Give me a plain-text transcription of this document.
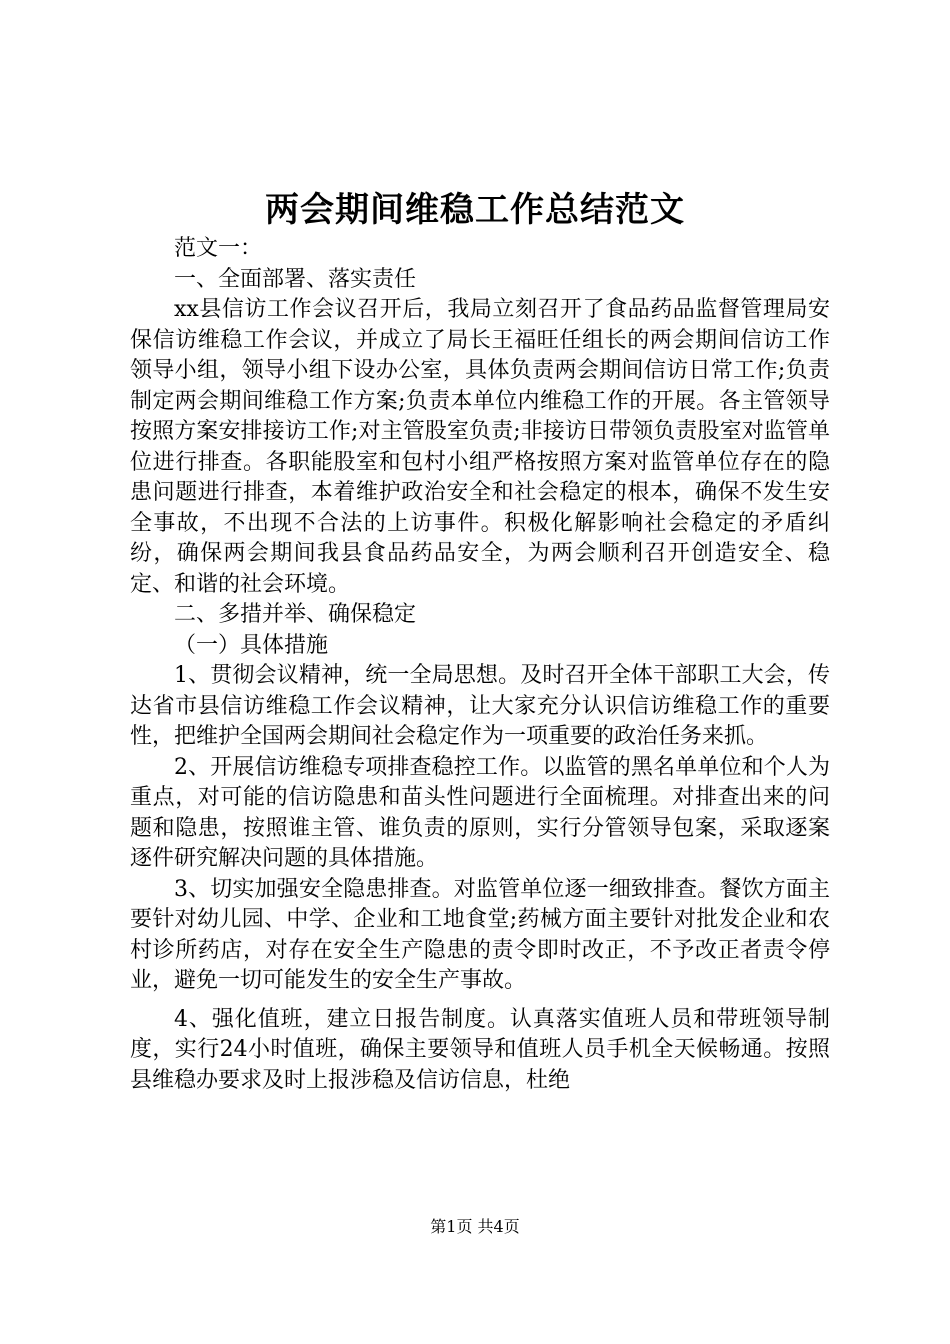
两会期间维稳工作总结范文

范文一：

一、全面部署、落实责任

xx县信访工作会议召开后，我局立刻召开了食品药品监督管理局安保信访维稳工作会议，并成立了局长王福旺任组长的两会期间信访工作领导小组，领导小组下设办公室，具体负责两会期间信访日常工作;负责制定两会期间维稳工作方案;负责本单位内维稳工作的开展。各主管领导按照方案安排接访工作;对主管股室负责;非接访日带领负责股室对监管单位进行排查。各职能股室和包村小组严格按照方案对监管单位存在的隐患问题进行排查，本着维护政治安全和社会稳定的根本，确保不发生安全事故，不出现不合法的上访事件。积极化解影响社会稳定的矛盾纠纷，确保两会期间我县食品药品安全，为两会顺利召开创造安全、稳定、和谐的社会环境。

二、多措并举、确保稳定

（一）具体措施

1、贯彻会议精神，统一全局思想。及时召开全体干部职工大会，传达省市县信访维稳工作会议精神，让大家充分认识信访维稳工作的重要性，把维护全国两会期间社会稳定作为一项重要的政治任务来抓。

2、开展信访维稳专项排查稳控工作。以监管的黑名单单位和个人为重点，对可能的信访隐患和苗头性问题进行全面梳理。对排查出来的问题和隐患，按照谁主管、谁负责的原则，实行分管领导包案，采取逐案逐件研究解决问题的具体措施。

3、切实加强安全隐患排查。对监管单位逐一细致排查。餐饮方面主要针对幼儿园、中学、企业和工地食堂;药械方面主要针对批发企业和农村诊所药店，对存在安全生产隐患的责令即时改正，不予改正者责令停业，避免一切可能发生的安全生产事故。

4、强化值班，建立日报告制度。认真落实值班人员和带班领导制度，实行24小时值班，确保主要领导和值班人员手机全天候畅通。按照县维稳办要求及时上报涉稳及信访信息，杜绝

第1页 共4页
